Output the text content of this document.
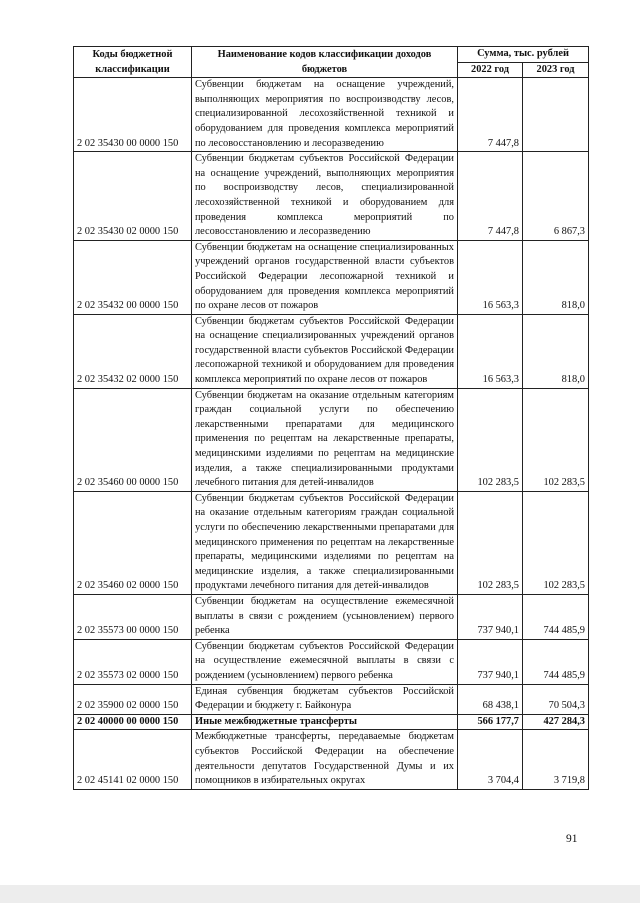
Коды бюджетной классификации	Наименование кодов классификации доходов бюджетов	Сумма, тыс. рублей	
		2022 год	2023 год
2 02 35430 00 0000 150	Субвенции бюджетам на оснащение учреждений, выполняющих мероприятия по воспроизводству лесов, специализированной лесохозяйственной техникой и оборудованием для проведения комплекса мероприятий по лесовосстановлению и лесоразведению	7 447,8	
2 02 35430 02 0000 150	Субвенции бюджетам субъектов Российской Федерации на оснащение учреждений, выполняющих мероприятия по воспроизводству лесов, специализированной лесохозяйственной техникой и оборудованием для проведения комплекса мероприятий по лесовосстановлению и лесоразведению	7 447,8	6 867,3
2 02 35432 00 0000 150	Субвенции бюджетам на оснащение специализированных учреждений органов государственной власти субъектов Российской Федерации лесопожарной техникой и оборудованием для проведения комплекса мероприятий по охране лесов от пожаров	16 563,3	818,0
2 02 35432 02 0000 150	Субвенции бюджетам субъектов Российской Федерации на оснащение специализированных учреждений органов государственной власти субъектов Российской Федерации лесопожарной техникой и оборудованием для проведения комплекса мероприятий по охране лесов от пожаров	16 563,3	818,0
2 02 35460 00 0000 150	Субвенции бюджетам на оказание отдельным категориям граждан социальной услуги по обеспечению лекарственными препаратами для медицинского применения по рецептам на лекарственные препараты, медицинскими изделиями по рецептам на медицинские изделия, а также специализированными продуктами лечебного питания для детей-инвалидов	102 283,5	102 283,5
2 02 35460 02 0000 150	Субвенции бюджетам субъектов Российской Федерации на оказание отдельным категориям граждан социальной услуги по обеспечению лекарственными препаратами для медицинского применения по рецептам на лекарственные препараты, медицинскими изделиями по рецептам на медицинские изделия, а также специализированными продуктами лечебного питания для детей-инвалидов	102 283,5	102 283,5
2 02 35573 00 0000 150	Субвенции бюджетам на осуществление ежемесячной выплаты в связи с рождением (усыновлением) первого ребенка	737 940,1	744 485,9
2 02 35573 02 0000 150	Субвенции бюджетам субъектов Российской Федерации на осуществление ежемесячной выплаты в связи с рождением (усыновлением) первого ребенка	737 940,1	744 485,9
2 02 35900 02 0000 150	Единая субвенция бюджетам субъектов Российской Федерации и бюджету г. Байконура	68 438,1	70 504,3
2 02 40000 00 0000 150	Иные межбюджетные трансферты	566 177,7	427 284,3
2 02 45141 02 0000 150	Межбюджетные трансферты, передаваемые бюджетам субъектов Российской Федерации на обеспечение деятельности депутатов Государственной Думы и их помощников в избирательных округах	3 704,4	3 719,8
91
